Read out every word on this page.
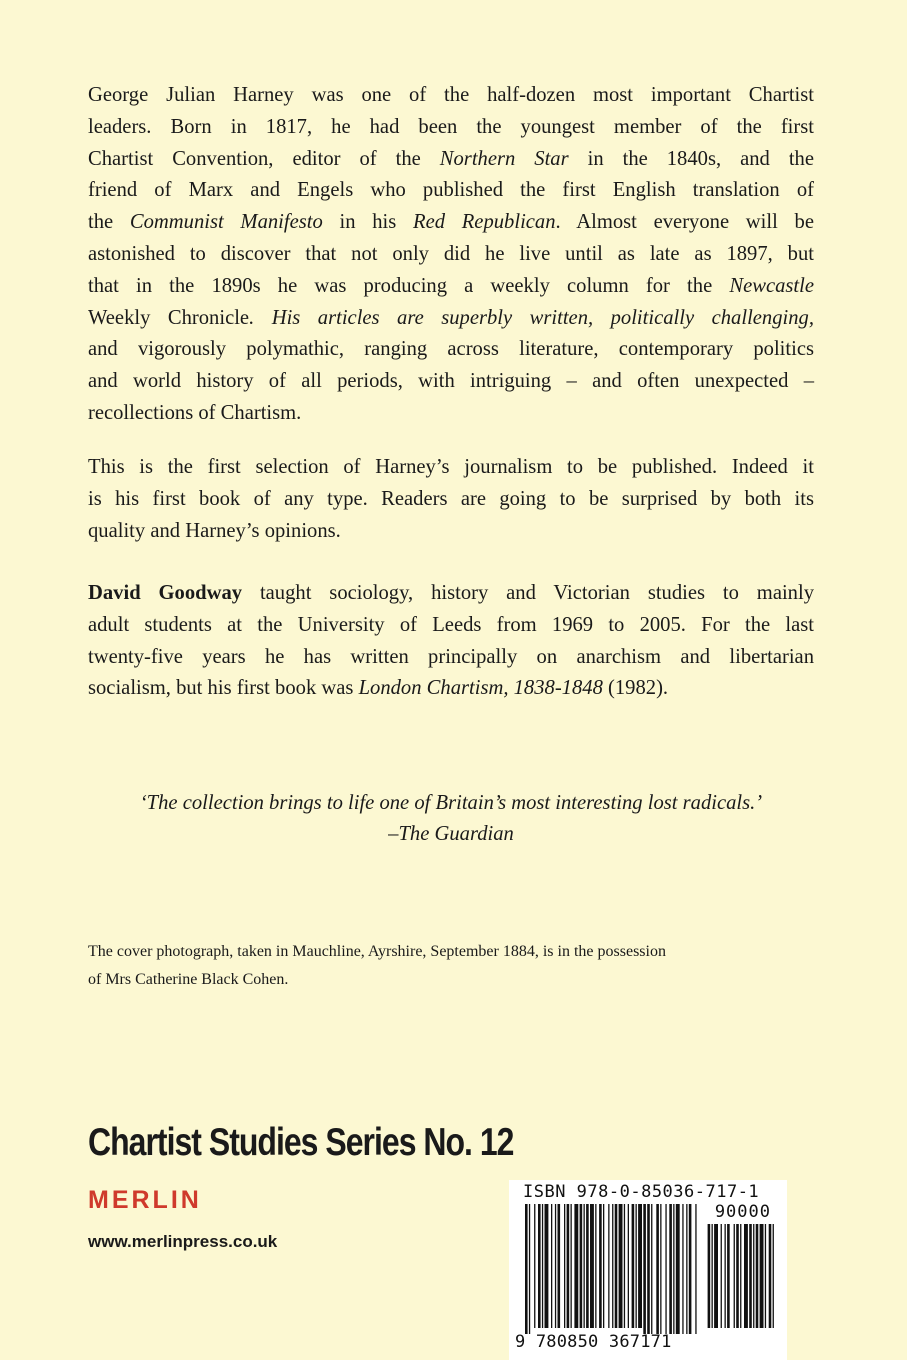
George Julian Harney was one of the half-dozen most important Chartist
leaders. Born in 1817, he had been the youngest member of the first
Chartist Convention, editor of the Northern Star in the 1840s, and the
friend of Marx and Engels who published the first English translation of
the Communist Manifesto in his Red Republican. Almost everyone will be
astonished to discover that not only did he live until as late as 1897, but
that in the 1890s he was producing a weekly column for the Newcastle
Weekly Chronicle. His articles are superbly written, politically challenging,
and vigorously polymathic, ranging across literature, contemporary politics
and world history of all periods, with intriguing – and often unexpected –
recollections of Chartism.
This is the first selection of Harney’s journalism to be published. Indeed it
is his first book of any type. Readers are going to be surprised by both its
quality and Harney’s opinions.
David Goodway taught sociology, history and Victorian studies to mainly
adult students at the University of Leeds from 1969 to 2005. For the last
twenty-five years he has written principally on anarchism and libertarian
socialism, but his first book was London Chartism, 1838-1848 (1982).
‘The collection brings to life one of Britain’s most interesting lost radicals.’
–The Guardian
The cover photograph, taken in Mauchline, Ayrshire, September 1884, is in the possession
of Mrs Catherine Black Cohen.
Chartist Studies Series No. 12
MERLIN
www.merlinpress.co.uk
ISBN 978-0-85036-717-1
90000
9 780850 367171
